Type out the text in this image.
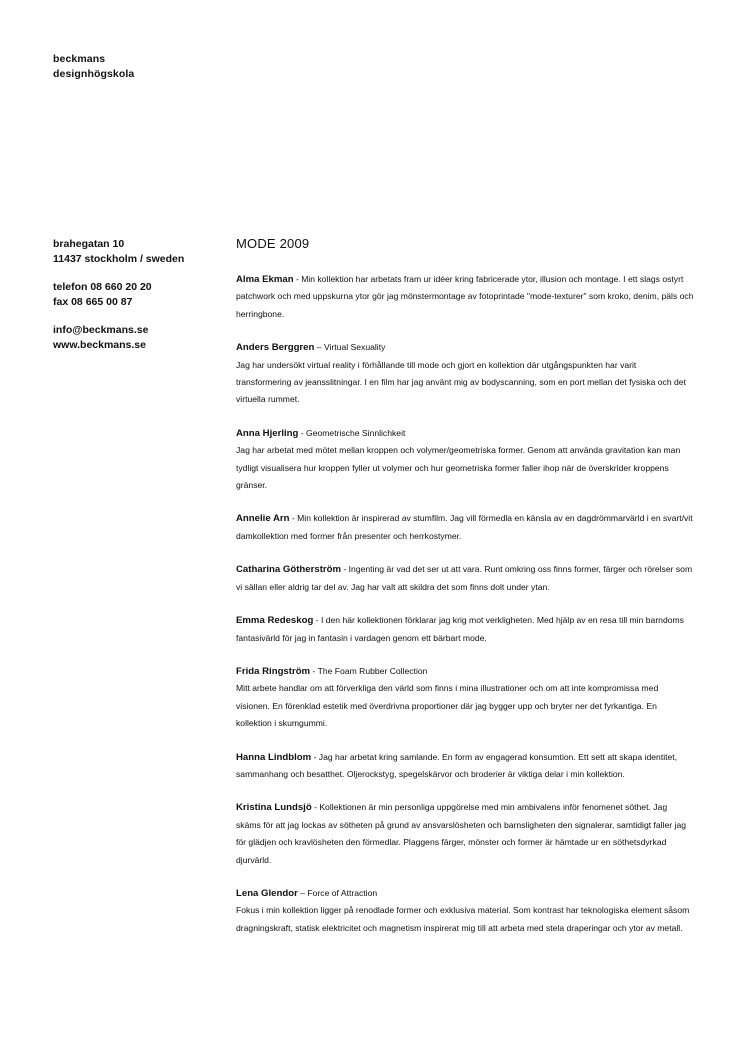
beckmans
designhögskola
brahegatan 10
11437 stockholm / sweden
telefon 08 660 20 20
fax 08 665 00 87
info@beckmans.se
www.beckmans.se
MODE 2009

Alma Ekman - Min kollektion har arbetats fram ur idéer kring fabricerade ytor, illusion och montage. I ett slags ostyrt patchwork och med uppskurna ytor gör jag mönstermontage av fotoprintade "mode-texturer" som kroko, denim, päls och herringbone.

Anders Berggren – Virtual Sexuality
Jag har undersökt virtual reality i förhållande till mode och gjort en kollektion där utgångspunkten har varit transformering av jeansslitningar. I en film har jag använt mig av bodyscanning, som en port mellan det fysiska och det virtuella rummet.

Anna Hjerling - Geometrische Sinnlichkeit
Jag har arbetat med mötet mellan kroppen och volymer/geometriska former. Genom att använda gravitation kan man tydligt visualisera hur kroppen fyller ut volymer och hur geometriska former faller ihop när de överskrider kroppens gränser.

Annelie Arn - Min kollektion är inspirerad av stumfilm. Jag vill förmedla en känsla av en dagdrömmarvärld i en svart/vit damkollektion med former från presenter och herrkostymer.

Catharina Götherström - Ingenting är vad det ser ut att vara. Runt omkring oss finns former, färger och rörelser som vi sällan eller aldrig tar del av. Jag har valt att skildra det som finns dolt under ytan.

Emma Redeskog - I den här kollektionen förklarar jag krig mot verkligheten. Med hjälp av en resa till min barndoms fantasivärld för jag in fantasin i vardagen genom ett bärbart mode.

Frida Ringström - The Foam Rubber Collection
Mitt arbete handlar om att förverkliga den värld som finns i mina illustrationer och om att inte kompromissa med visionen. En förenklad estetik med överdrivna proportioner där jag bygger upp och bryter ner det fyrkantiga. En kollektion i skumgummi.

Hanna Lindblom - Jag har arbetat kring samlande. En form av engagerad konsumtion. Ett sett att skapa identitet, sammanhang och besatthet. Oljerockstyg, spegelskärvor och broderier är viktiga delar i min kollektion.

Kristina Lundsjö - Kollektionen är min personliga uppgörelse med min ambivalens inför fenomenet söthet. Jag skäms för att jag lockas av sötheten på grund av ansvarslösheten och barnsligheten den signalerar, samtidigt faller jag för glädjen och kravlösheten den förmedlar. Plaggens färger, mönster och former är hämtade ur en söthetsdyrkad djurvärld.

Lena Glendor – Force of Attraction
Fokus i min kollektion ligger på renodlade former och exklusiva material. Som kontrast har teknologiska element såsom dragningskraft, statisk elektricitet och magnetism inspirerat mig till att arbeta med stela draperingar och ytor av metall.
